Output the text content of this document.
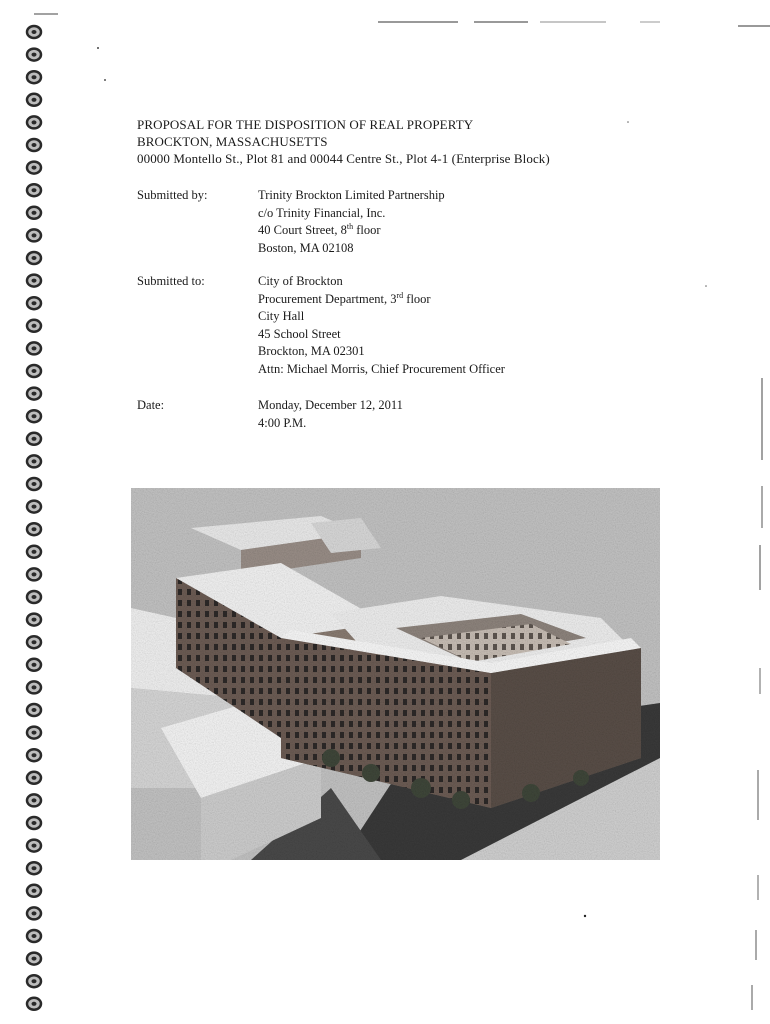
PROPOSAL FOR THE DISPOSITION OF REAL PROPERTY
BROCKTON, MASSACHUSETTS
00000 Montello St., Plot 81 and 00044 Centre St., Plot 4-1 (Enterprise Block)
Submitted by:	Trinity Brockton Limited Partnership
c/o Trinity Financial, Inc.
40 Court Street, 8th floor
Boston, MA 02108
Submitted to:	City of Brockton
Procurement Department, 3rd floor
City Hall
45 School Street
Brockton, MA 02301
Attn: Michael Morris, Chief Procurement Officer
Date:	Monday, December 12, 2011
4:00 P.M.
